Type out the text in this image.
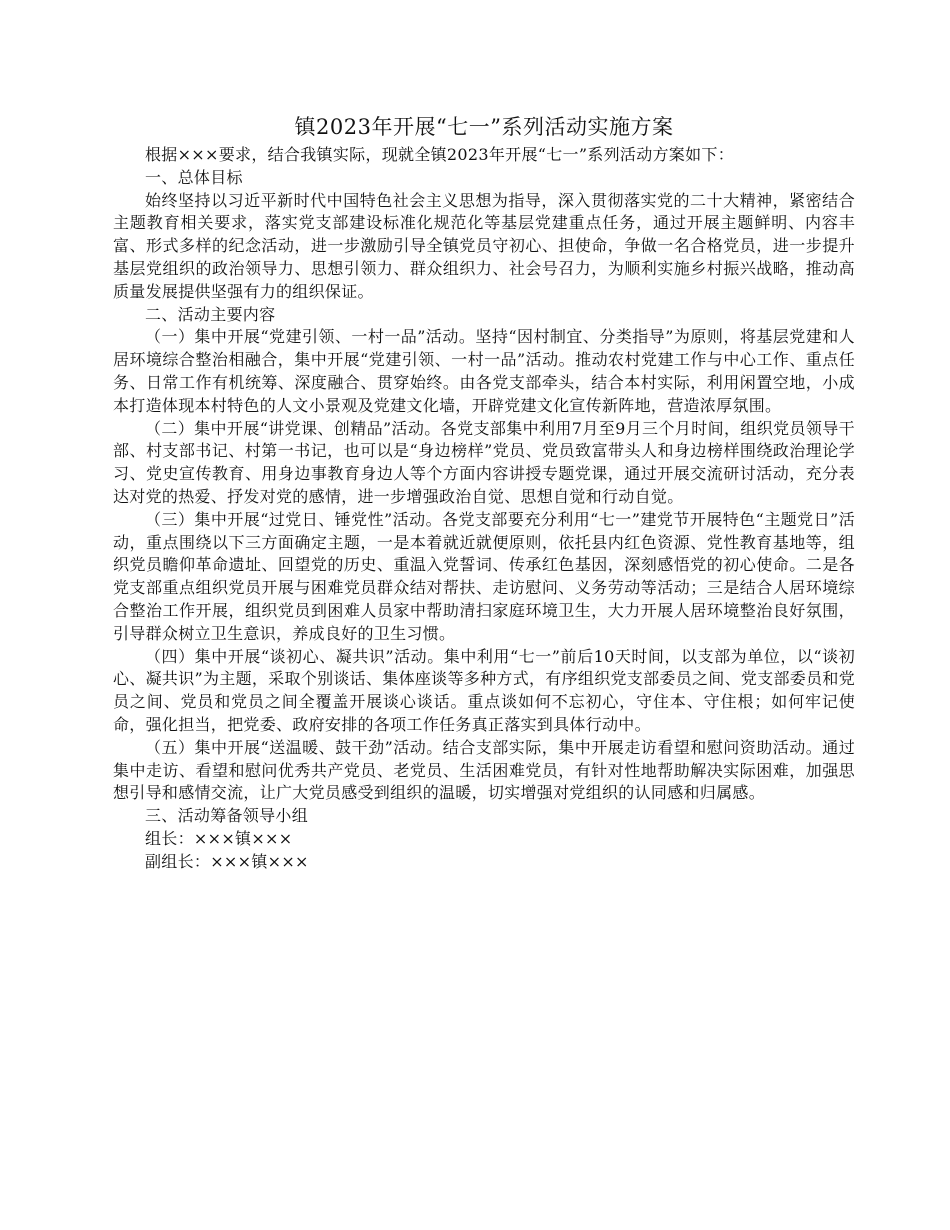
镇2023年开展“七一”系列活动实施方案

根据×××要求，结合我镇实际，现就全镇2023年开展“七一”系列活动方案如下：

一、总体目标

始终坚持以习近平新时代中国特色社会主义思想为指导，深入贯彻落实党的二十大精神，紧密结合主题教育相关要求，落实党支部建设标准化规范化等基层党建重点任务，通过开展主题鲜明、内容丰富、形式多样的纪念活动，进一步激励引导全镇党员守初心、担使命，争做一名合格党员，进一步提升基层党组织的政治领导力、思想引领力、群众组织力、社会号召力，为顺利实施乡村振兴战略，推动高质量发展提供坚强有力的组织保证。

二、活动主要内容

（一）集中开展“党建引领、一村一品”活动。坚持“因村制宜、分类指导”为原则，将基层党建和人居环境综合整治相融合，集中开展“党建引领、一村一品”活动。推动农村党建工作与中心工作、重点任务、日常工作有机统筹、深度融合、贯穿始终。由各党支部牵头，结合本村实际，利用闲置空地，小成本打造体现本村特色的人文小景观及党建文化墙，开辟党建文化宣传新阵地，营造浓厚氛围。

（二）集中开展“讲党课、创精品”活动。各党支部集中利用7月至9月三个月时间，组织党员领导干部、村支部书记、村第一书记，也可以是“身边榜样”党员、党员致富带头人和身边榜样围绕政治理论学习、党史宣传教育、用身边事教育身边人等个方面内容讲授专题党课，通过开展交流研讨活动，充分表达对党的热爱、抒发对党的感情，进一步增强政治自觉、思想自觉和行动自觉。

（三）集中开展“过党日、锤党性”活动。各党支部要充分利用“七一”建党节开展特色“主题党日”活动，重点围绕以下三方面确定主题，一是本着就近就便原则，依托县内红色资源、党性教育基地等，组织党员瞻仰革命遗址、回望党的历史、重温入党誓词、传承红色基因，深刻感悟党的初心使命。二是各党支部重点组织党员开展与困难党员群众结对帮扶、走访慰问、义务劳动等活动；三是结合人居环境综合整治工作开展，组织党员到困难人员家中帮助清扫家庭环境卫生，大力开展人居环境整治良好氛围，引导群众树立卫生意识，养成良好的卫生习惯。

（四）集中开展“谈初心、凝共识”活动。集中利用“七一”前后10天时间，以支部为单位，以“谈初心、凝共识”为主题，采取个别谈话、集体座谈等多种方式，有序组织党支部委员之间、党支部委员和党员之间、党员和党员之间全覆盖开展谈心谈话。重点谈如何不忘初心，守住本、守住根；如何牢记使命，强化担当，把党委、政府安排的各项工作任务真正落实到具体行动中。

（五）集中开展“送温暖、鼓干劲”活动。结合支部实际，集中开展走访看望和慰问资助活动。通过集中走访、看望和慰问优秀共产党员、老党员、生活困难党员，有针对性地帮助解决实际困难，加强思想引导和感情交流，让广大党员感受到组织的温暖，切实增强对党组织的认同感和归属感。

三、活动筹备领导小组

组长：×××镇×××

副组长：×××镇×××
